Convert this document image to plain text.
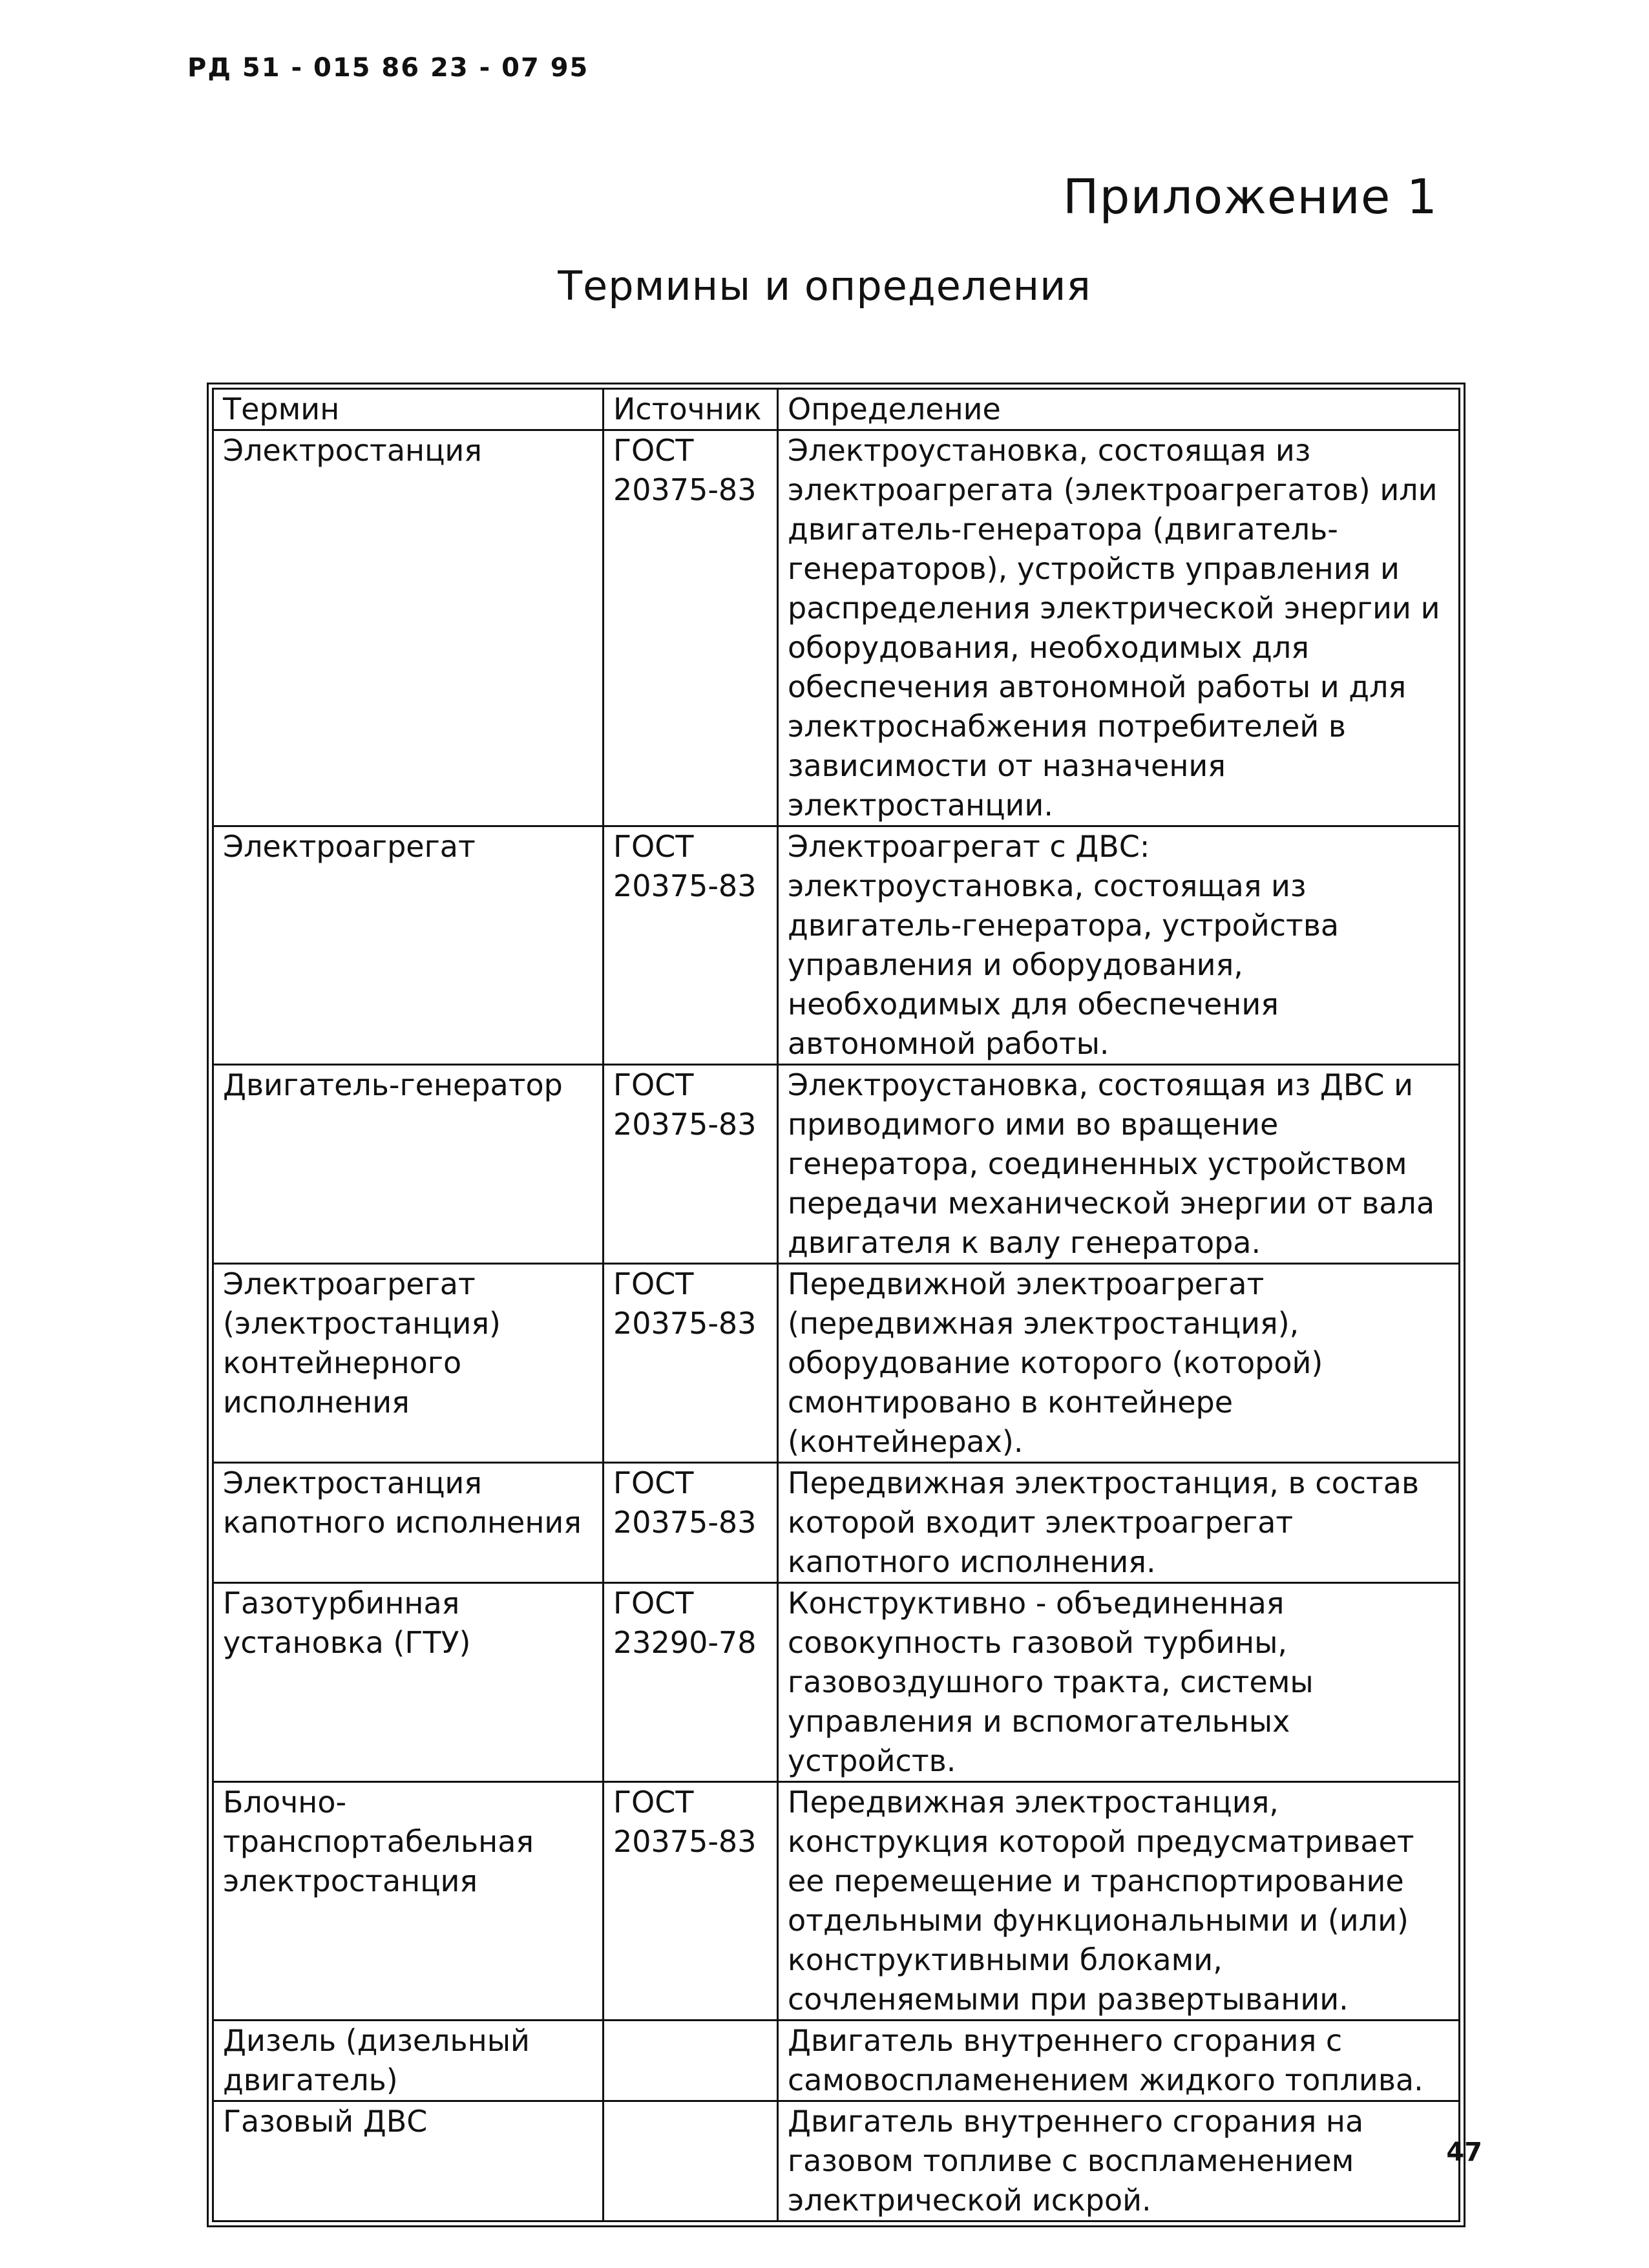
РД 51 - 015 86 23 - 07 95
Приложение 1
Термины и определения
Термин	Источник	Определение
Электростанция	ГОСТ 20375-83	Электроустановка, состоящая из электроагрегата (электроагрегатов) или двигатель-генератора (двигатель-генераторов), устройств управления и распределения электрической энергии и оборудования, необходимых для обеспечения автономной работы и для электроснабжения потребителей в зависимости от назначения электростанции.
Электроагрегат	ГОСТ 20375-83	Электроагрегат с ДВС: электроустановка, состоящая из двигатель-генератора, устройства управления и оборудования, необходимых для обеспечения автономной работы.
Двигатель-генератор	ГОСТ 20375-83	Электроустановка, состоящая из ДВС и приводимого ими во вращение генератора, соединенных устройством передачи механической энергии от вала двигателя к валу генератора.
Электроагрегат (электростанция) контейнерного исполнения	ГОСТ 20375-83	Передвижной электроагрегат (передвижная электростанция), оборудование которого (которой) смонтировано в контейнере (контейнерах).
Электростанция капотного исполнения	ГОСТ 20375-83	Передвижная электростанция, в состав которой входит электроагрегат капотного исполнения.
Газотурбинная установка (ГТУ)	ГОСТ 23290-78	Конструктивно - объединенная совокупность газовой турбины, газовоздушного тракта, системы управления и вспомогательных устройств.
Блочно-транспортабельная электростанция	ГОСТ 20375-83	Передвижная электростанция, конструкция которой предусматривает ее перемещение и транспортирование отдельными функциональными и (или) конструктивными блоками, сочленяемыми при развертывании.
Дизель (дизельный двигатель)		Двигатель внутреннего сгорания с самовоспламенением жидкого топлива.
Газовый ДВС		Двигатель внутреннего сгорания на газовом топливе с воспламенением электрической искрой.
47
